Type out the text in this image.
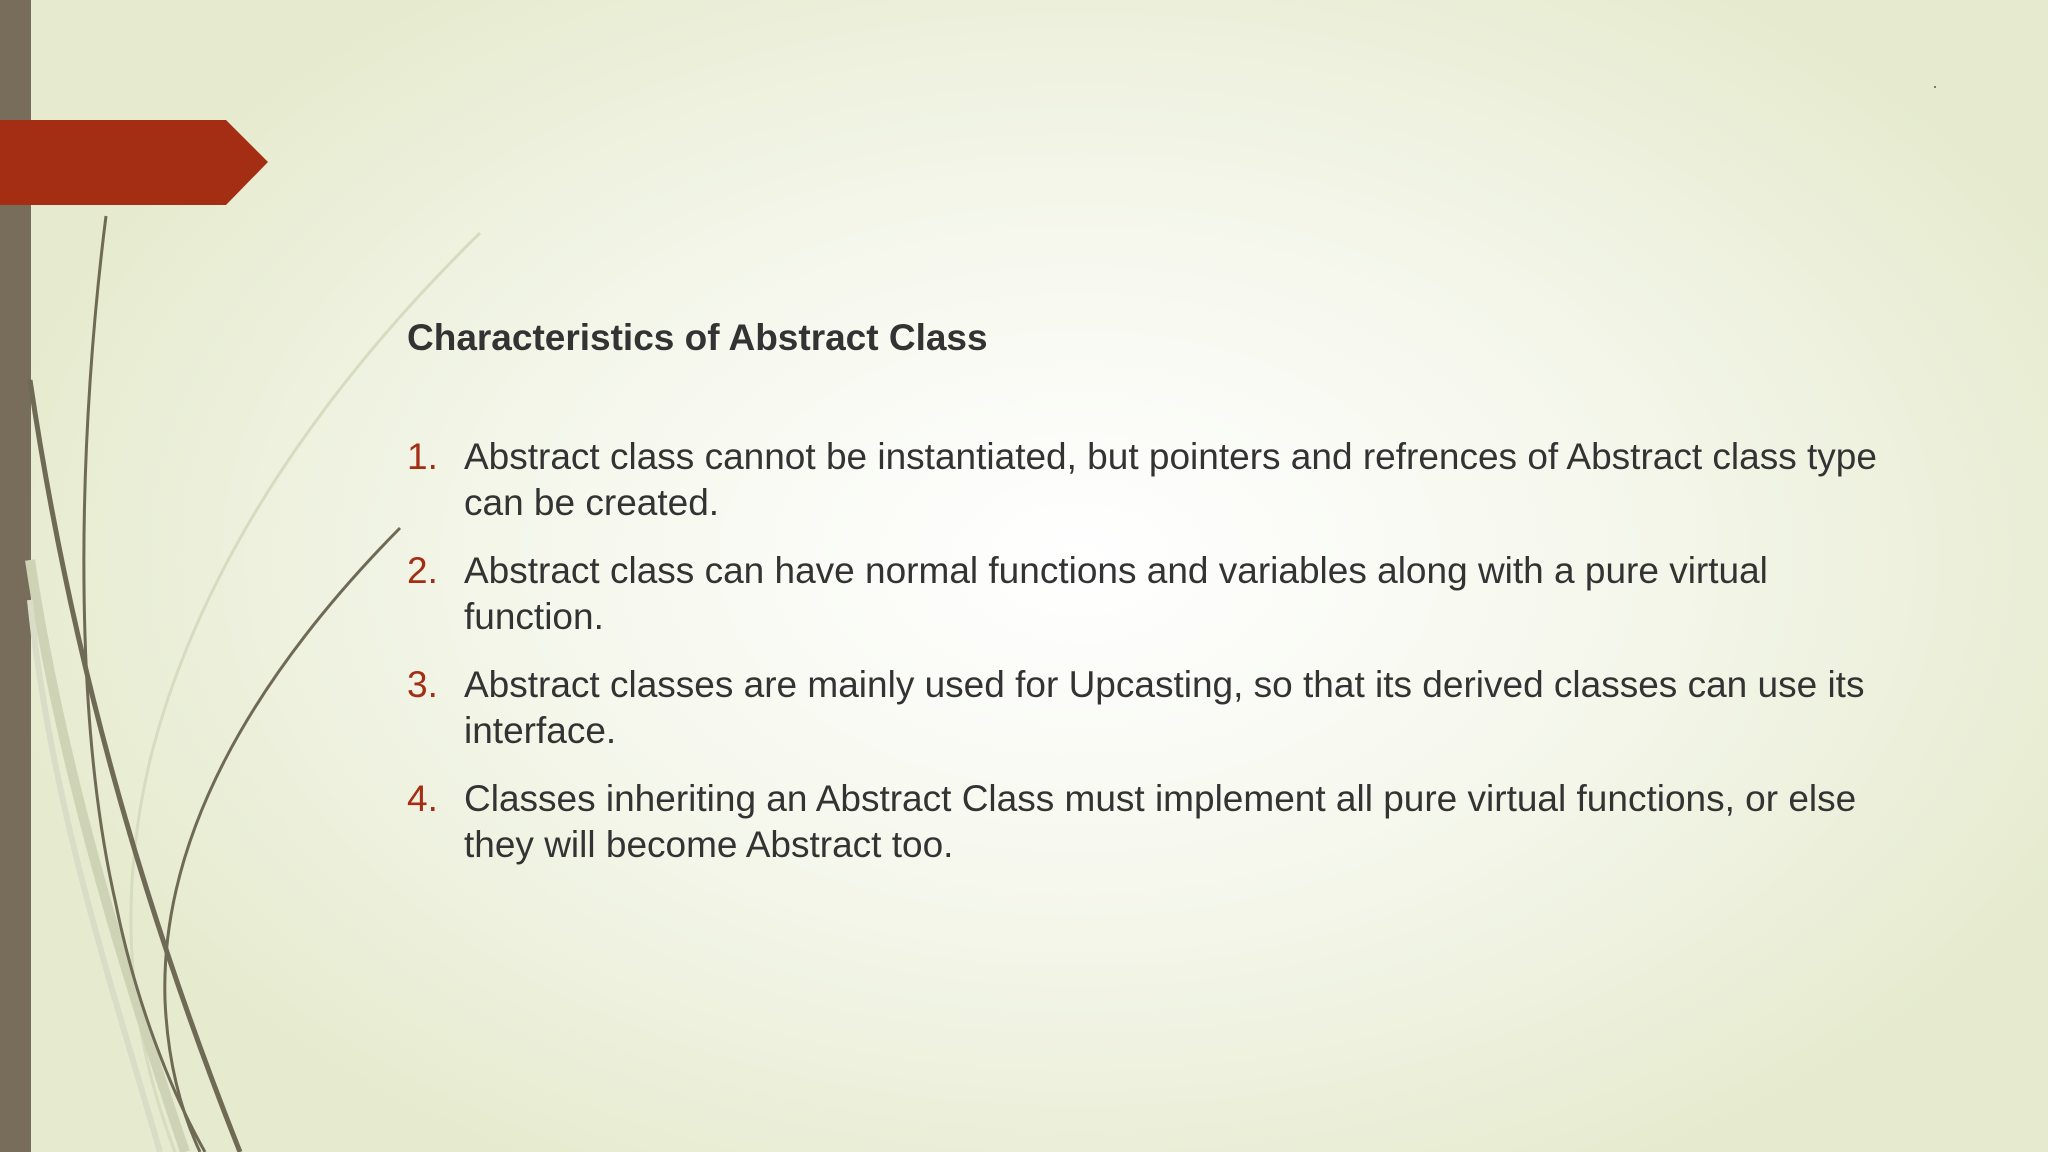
Characteristics of Abstract Class
1. Abstract class cannot be instantiated, but pointers and refrences of Abstract class type can be created.
2. Abstract class can have normal functions and variables along with a pure virtual function.
3. Abstract classes are mainly used for Upcasting, so that its derived classes can use its interface.
4. Classes inheriting an Abstract Class must implement all pure virtual functions, or else they will become Abstract too.
